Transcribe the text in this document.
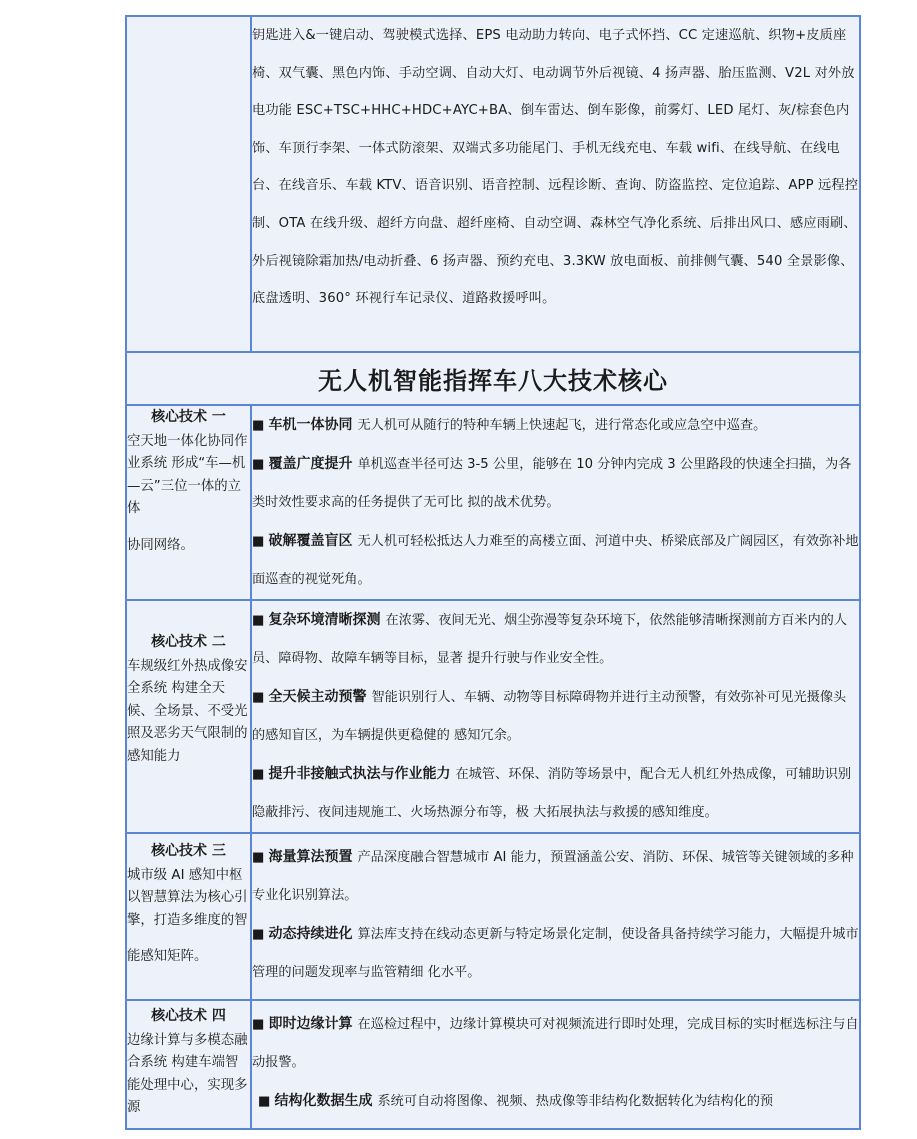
	钥匙进入&一键启动、驾驶模式选择、EPS 电动助力转向、电子式怀挡、CC 定速巡航、织物+皮质座椅、双气囊、黑色内饰、手动空调、自动大灯、电动调节外后视镜、4 扬声器、胎压监测、V2L 对外放电功能 ESC+TSC+HHC+HDC+AYC+BA、倒车雷达、倒车影像，前雾灯、LED 尾灯、灰/棕套色内饰、车顶行李架、一体式防滚架、双端式多功能尾门、手机无线充电、车载 wifi、在线导航、在线电台、在线音乐、车载 KTV、语音识别、语音控制、远程诊断、查询、防盗监控、定位追踪、APP 远程控制、OTA 在线升级、超纤方向盘、超纤座椅、自动空调、森林空气净化系统、后排出风口、感应雨刷、外后视镜除霜加热/电动折叠、6 扬声器、预约充电、3.3KW 放电面板、前排侧气囊、540 全景影像、底盘透明、360° 环视行车记录仪、道路救援呼叫。
无人机智能指挥车八大技术核心	

核心技术 一
空天地一体化协同作业系统 形成“车—机—云”三位一体的立体
协同网络。	■ 车机一体协同 无人机可从随行的特种车辆上快速起飞，进行常态化或应急空中巡查。
■ 覆盖广度提升 单机巡查半径可达 3-5 公里，能够在 10 分钟内完成 3 公里路段的快速全扫描，为各类时效性要求高的任务提供了无可比 拟的战术优势。
■ 破解覆盖盲区 无人机可轻松抵达人力难至的高楼立面、河道中央、桥梁底部及广阔园区，有效弥补地面巡查的视觉死角。

核心技术 二
车规级红外热成像安全系统 构建全天候、全场景、不受光照及恶劣天气限制的感知能力	■ 复杂环境清晰探测 在浓雾、夜间无光、烟尘弥漫等复杂环境下，依然能够清晰探测前方百米内的人员、障碍物、故障车辆等目标，显著 提升行驶与作业安全性。
■ 全天候主动预警 智能识别行人、车辆、动物等目标障碍物并进行主动预警，有效弥补可见光摄像头的感知盲区，为车辆提供更稳健的 感知冗余。
■ 提升非接触式执法与作业能力 在城管、环保、消防等场景中，配合无人机红外热成像，可辅助识别隐蔽排污、夜间违规施工、火场热源分布等，极 大拓展执法与救援的感知维度。

核心技术 三
城市级 AI 感知中枢 以智慧算法为核心引擎，打造多维度的智
能感知矩阵。	■ 海量算法预置 产品深度融合智慧城市 AI 能力，预置涵盖公安、消防、环保、城管等关键领域的多种专业化识别算法。
■ 动态持续进化 算法库支持在线动态更新与特定场景化定制，使设备具备持续学习能力，大幅提升城市管理的问题发现率与监管精细 化水平。

核心技术 四
边缘计算与多模态融合系统 构建车端智能处理中心，实现多源	■ 即时边缘计算 在巡检过程中，边缘计算模块可对视频流进行即时处理，完成目标的实时框选标注与自动报警。
■ 结构化数据生成 系统可自动将图像、视频、热成像等非结构化数据转化为结构化的预
